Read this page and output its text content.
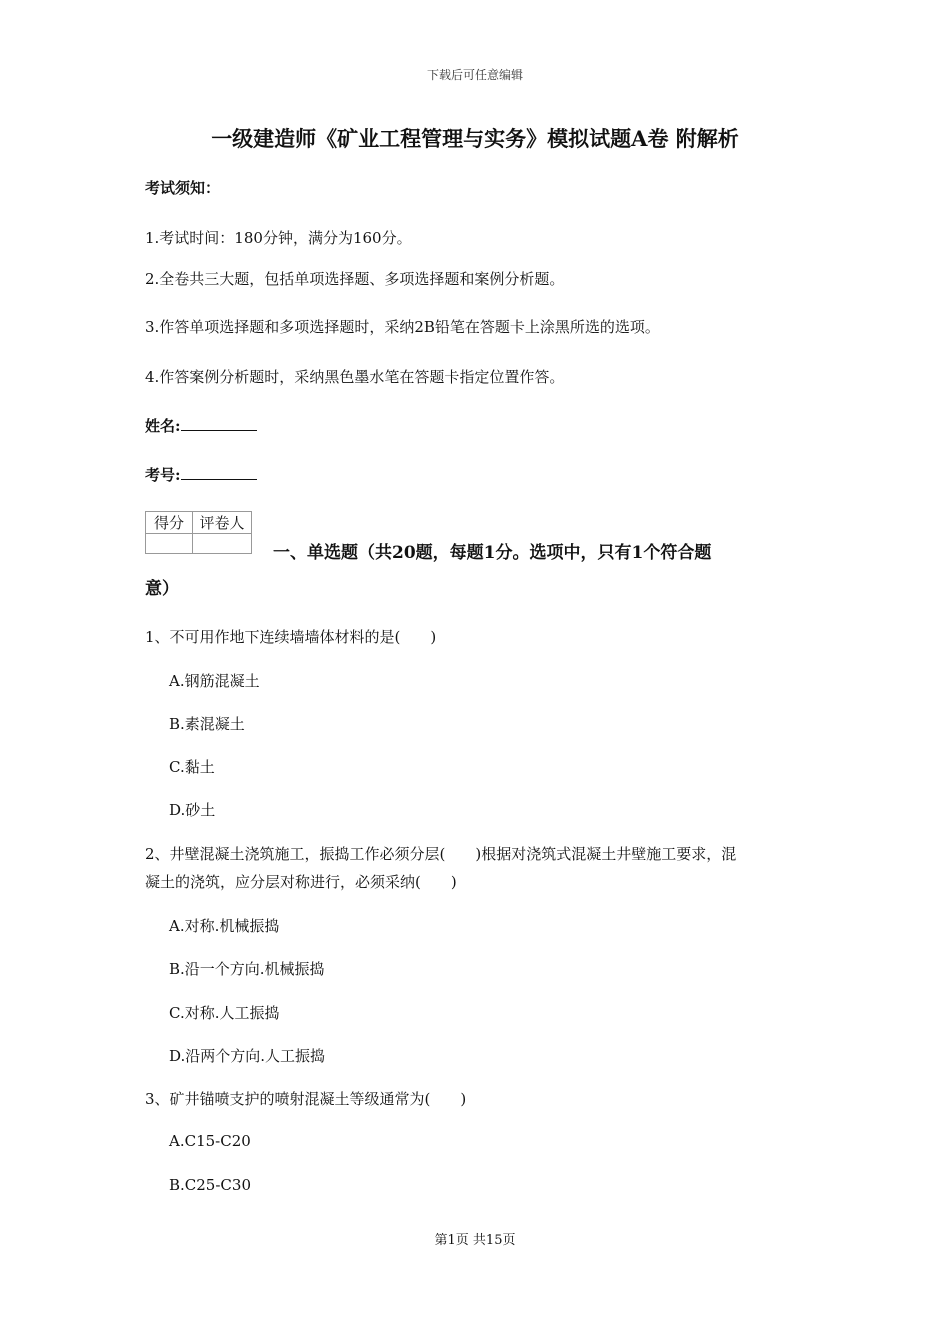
下载后可任意编辑
一级建造师《矿业工程管理与实务》模拟试题A卷 附解析
考试须知：
1.考试时间：180分钟，满分为160分。
2.全卷共三大题，包括单项选择题、多项选择题和案例分析题。
3.作答单项选择题和多项选择题时，采纳2B铅笔在答题卡上涂黑所选的选项。
4.作答案例分析题时，采纳黑色墨水笔在答题卡指定位置作答。
姓名:
考号:
得分	评卷人

一、单选题（共20题，每题1分。选项中，只有1个符合题
意）
1、不可用作地下连续墙墙体材料的是(　　)
A.钢筋混凝土
B.素混凝土
C.黏土
D.砂土
2、井壁混凝土浇筑施工，振捣工作必须分层(　　)根据对浇筑式混凝土井壁施工要求，混
凝土的浇筑，应分层对称进行，必须采纳(　　)
A.对称.机械振捣
B.沿一个方向.机械振捣
C.对称.人工振捣
D.沿两个方向.人工振捣
3、矿井锚喷支护的喷射混凝土等级通常为(　　)
A.C15-C20
B.C25-C30
第1页 共15页
